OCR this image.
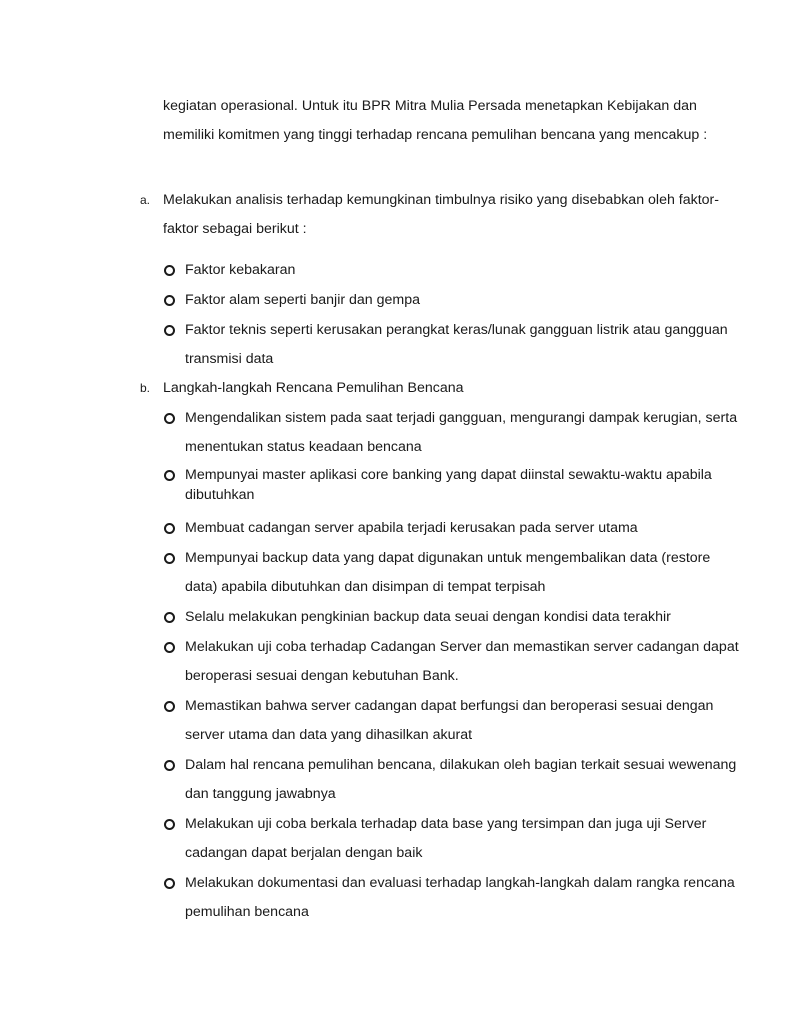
kegiatan operasional. Untuk itu BPR Mitra Mulia Persada menetapkan Kebijakan dan

memiliki komitmen yang tinggi terhadap rencana pemulihan bencana yang mencakup :

a. Melakukan analisis terhadap kemungkinan timbulnya risiko yang disebabkan oleh faktor-
faktor sebagai berikut :
Faktor kebakaran
Faktor alam seperti banjir dan gempa
Faktor teknis seperti kerusakan perangkat keras/lunak gangguan listrik atau gangguan
transmisi data
b. Langkah-langkah Rencana Pemulihan Bencana
Mengendalikan sistem pada saat terjadi gangguan, mengurangi dampak kerugian, serta
menentukan status keadaan bencana
Mempunyai master aplikasi core banking yang dapat diinstal sewaktu-waktu apabila
dibutuhkan
Membuat cadangan server apabila terjadi kerusakan pada server utama
Mempunyai backup data yang dapat digunakan untuk mengembalikan data (restore
data) apabila dibutuhkan dan disimpan di tempat terpisah
Selalu melakukan pengkinian backup data seuai dengan kondisi data terakhir
Melakukan uji coba terhadap Cadangan Server dan memastikan server cadangan dapat
beroperasi sesuai dengan kebutuhan Bank.
Memastikan bahwa server cadangan dapat berfungsi dan beroperasi sesuai dengan
server utama dan data yang dihasilkan akurat
Dalam hal rencana pemulihan bencana, dilakukan oleh bagian terkait sesuai wewenang
dan tanggung jawabnya
Melakukan uji coba berkala terhadap data base yang tersimpan dan juga uji Server
cadangan dapat berjalan dengan baik
Melakukan dokumentasi dan evaluasi terhadap langkah-langkah dalam rangka rencana
pemulihan bencana
